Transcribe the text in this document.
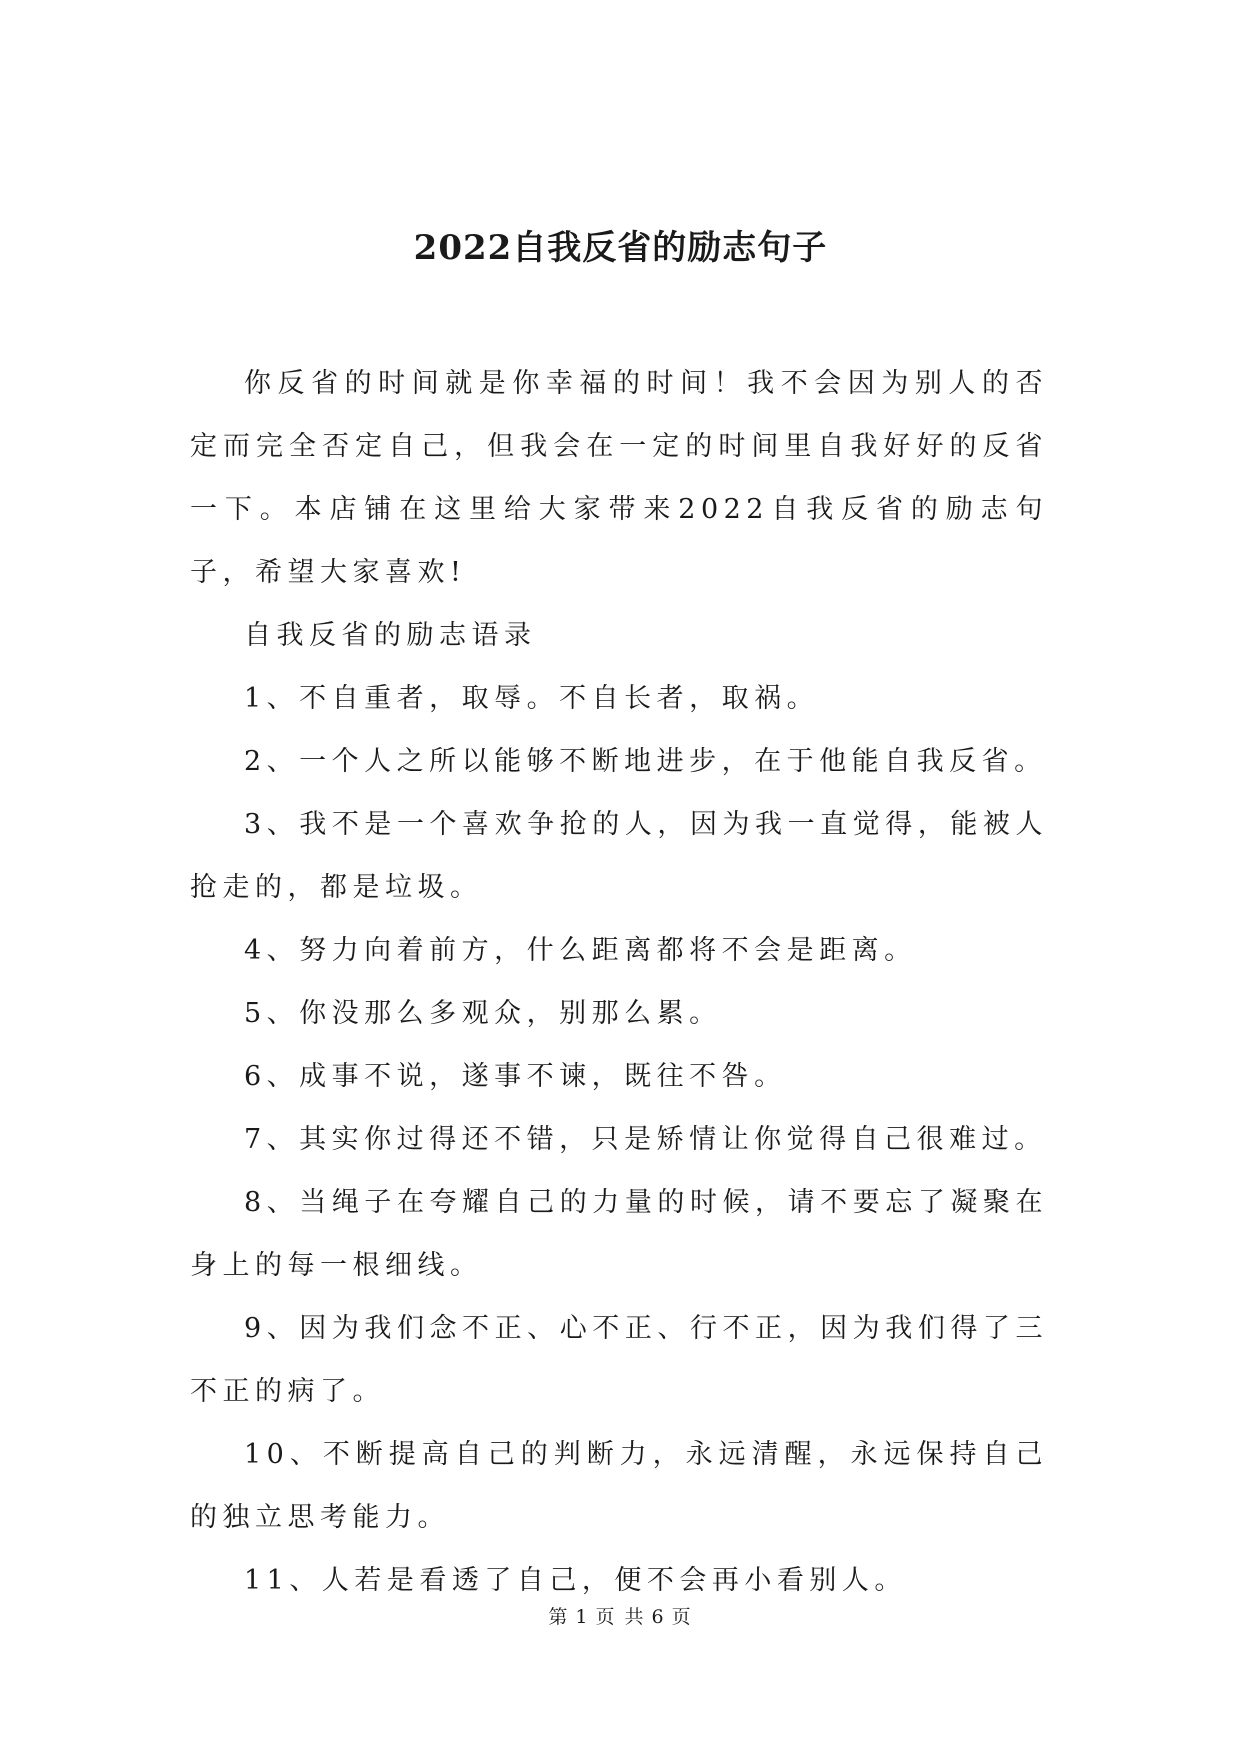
2022自我反省的励志句子

你反省的时间就是你幸福的时间！我不会因为别人的否定而完全否定自己，但我会在一定的时间里自我好好的反省一下。本店铺在这里给大家带来2022自我反省的励志句子，希望大家喜欢!

自我反省的励志语录

1、不自重者，取辱。不自长者，取祸。

2、一个人之所以能够不断地进步，在于他能自我反省。

3、我不是一个喜欢争抢的人，因为我一直觉得，能被人抢走的，都是垃圾。

4、努力向着前方，什么距离都将不会是距离。

5、你没那么多观众，别那么累。

6、成事不说，遂事不谏，既往不咎。

7、其实你过得还不错，只是矫情让你觉得自己很难过。

8、当绳子在夸耀自己的力量的时候，请不要忘了凝聚在身上的每一根细线。

9、因为我们念不正、心不正、行不正，因为我们得了三不正的病了。

10、不断提高自己的判断力，永远清醒，永远保持自己的独立思考能力。

11、人若是看透了自己，便不会再小看别人。

第 1 页 共 6 页
